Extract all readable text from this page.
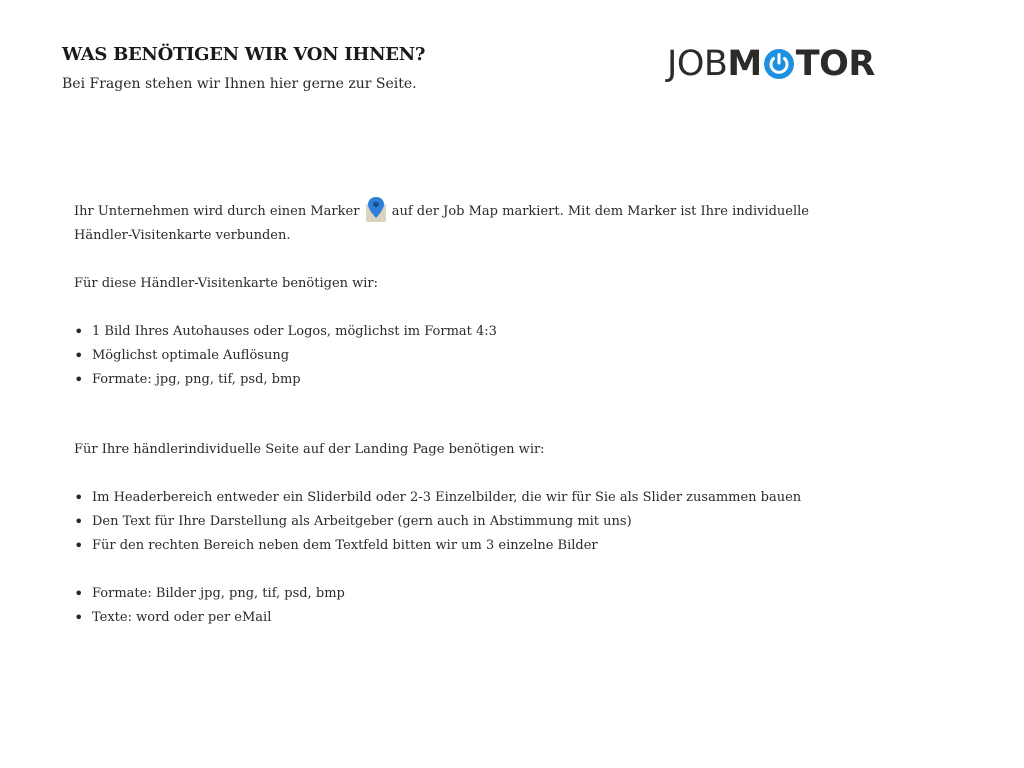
WAS BENÖTIGEN WIR VON IHNEN?
Bei Fragen stehen wir Ihnen hier gerne zur Seite.	JOB M TOR

Ihr Unternehmen wird durch einen Marker auf der Job Map markiert. Mit dem Marker ist Ihre individuelle Händler-Visitenkarte verbunden.

Für diese Händler-Visitenkarte benötigen wir:

• 1 Bild Ihres Autohauses oder Logos, möglichst im Format 4:3
• Möglichst optimale Auflösung
• Formate: jpg, png, tif, psd, bmp

Für Ihre händlerindividuelle Seite auf der Landing Page benötigen wir:

• Im Headerbereich entweder ein Sliderbild oder 2-3 Einzelbilder, die wir für Sie als Slider zusammen bauen
• Den Text für Ihre Darstellung als Arbeitgeber (gern auch in Abstimmung mit uns)
• Für den rechten Bereich neben dem Textfeld bitten wir um 3 einzelne Bilder
• Formate: Bilder jpg, png, tif, psd, bmp
• Texte: word oder per eMail
